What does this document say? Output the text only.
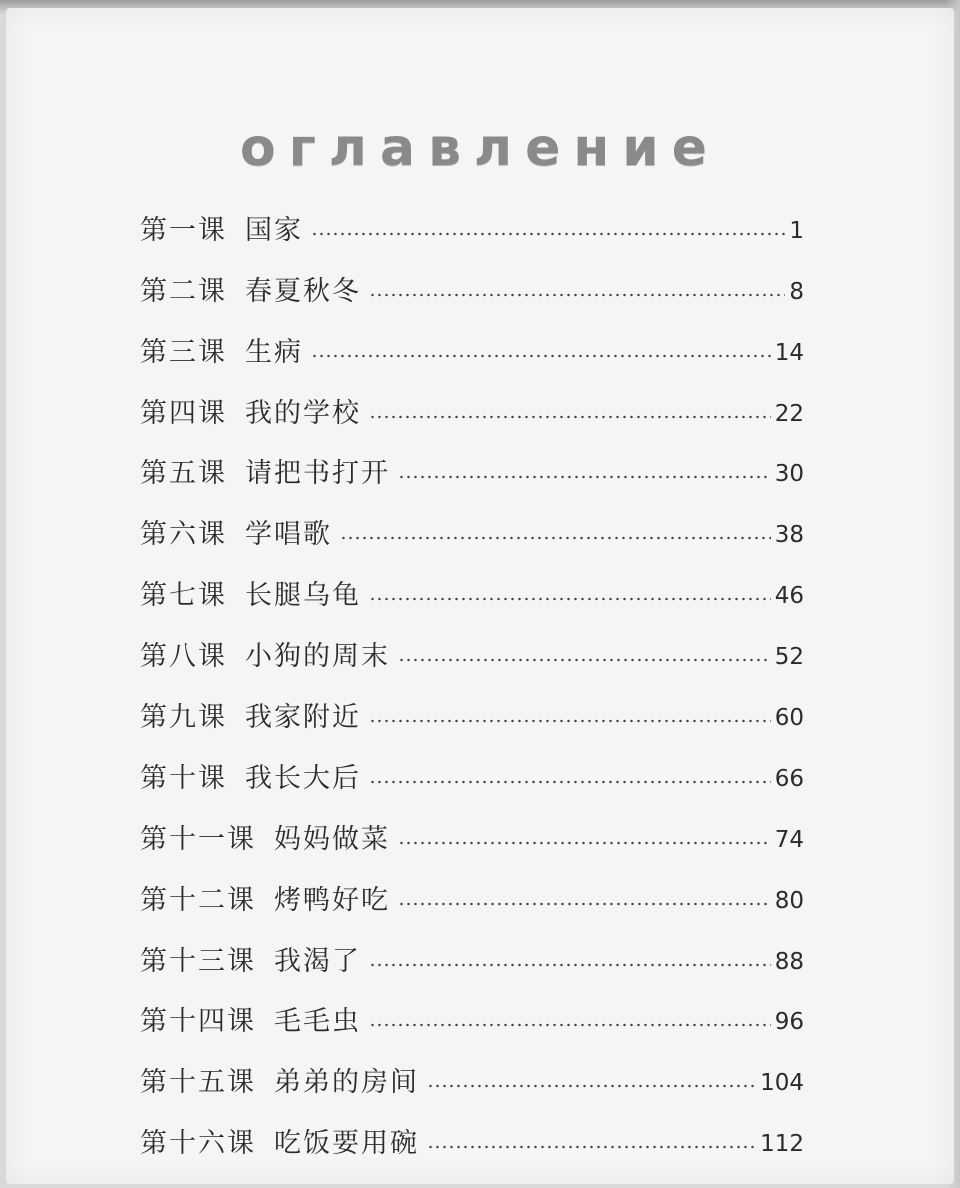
оглавление
第一课 国家	1
第二课 春夏秋冬	8
第三课 生病	14
第四课 我的学校	22
第五课 请把书打开	30
第六课 学唱歌	38
第七课 长腿乌龟	46
第八课 小狗的周末	52
第九课 我家附近	60
第十课 我长大后	66
第十一课 妈妈做菜	74
第十二课 烤鸭好吃	80
第十三课 我渴了	88
第十四课 毛毛虫	96
第十五课 弟弟的房间	104
第十六课 吃饭要用碗	112
